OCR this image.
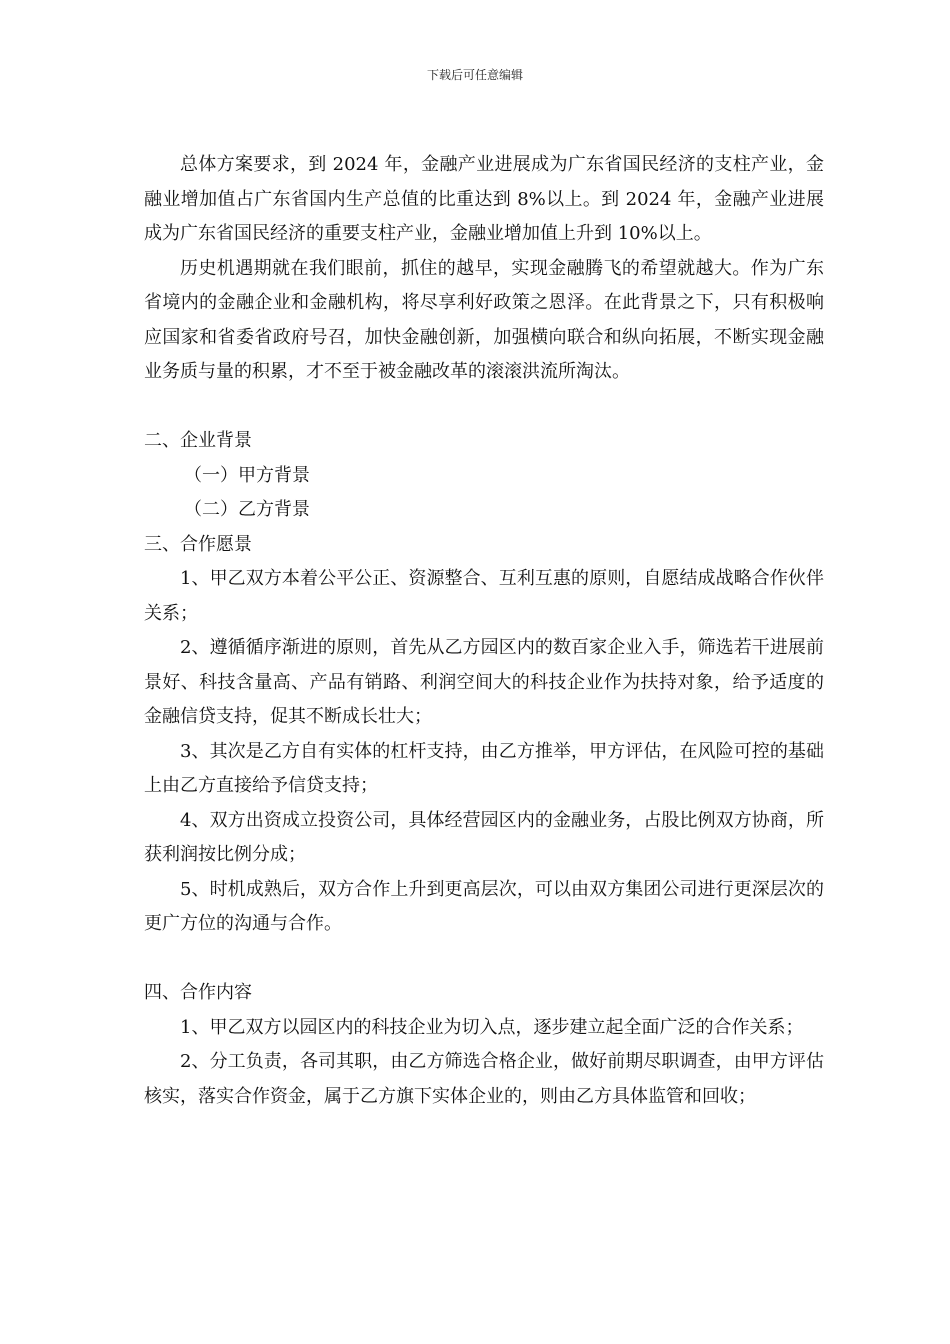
下载后可任意编辑

总体方案要求，到 2024 年，金融产业进展成为广东省国民经济的支柱产业，金融业增加值占广东省国内生产总值的比重达到 8%以上。到 2024 年，金融产业进展成为广东省国民经济的重要支柱产业，金融业增加值上升到 10%以上。

历史机遇期就在我们眼前，抓住的越早，实现金融腾飞的希望就越大。作为广东省境内的金融企业和金融机构，将尽享利好政策之恩泽。在此背景之下，只有积极响应国家和省委省政府号召，加快金融创新，加强横向联合和纵向拓展，不断实现金融业务质与量的积累，才不至于被金融改革的滚滚洪流所淘汰。

二、企业背景

（一）甲方背景

（二）乙方背景

三、合作愿景

1、甲乙双方本着公平公正、资源整合、互利互惠的原则，自愿结成战略合作伙伴关系；

2、遵循循序渐进的原则，首先从乙方园区内的数百家企业入手，筛选若干进展前景好、科技含量高、产品有销路、利润空间大的科技企业作为扶持对象，给予适度的金融信贷支持，促其不断成长壮大；

3、其次是乙方自有实体的杠杆支持，由乙方推举，甲方评估，在风险可控的基础上由乙方直接给予信贷支持；

4、双方出资成立投资公司，具体经营园区内的金融业务，占股比例双方协商，所获利润按比例分成；

5、时机成熟后，双方合作上升到更高层次，可以由双方集团公司进行更深层次的更广方位的沟通与合作。

四、合作内容

1、甲乙双方以园区内的科技企业为切入点，逐步建立起全面广泛的合作关系；

2、分工负责，各司其职，由乙方筛选合格企业，做好前期尽职调查，由甲方评估核实，落实合作资金，属于乙方旗下实体企业的，则由乙方具体监管和回收；
